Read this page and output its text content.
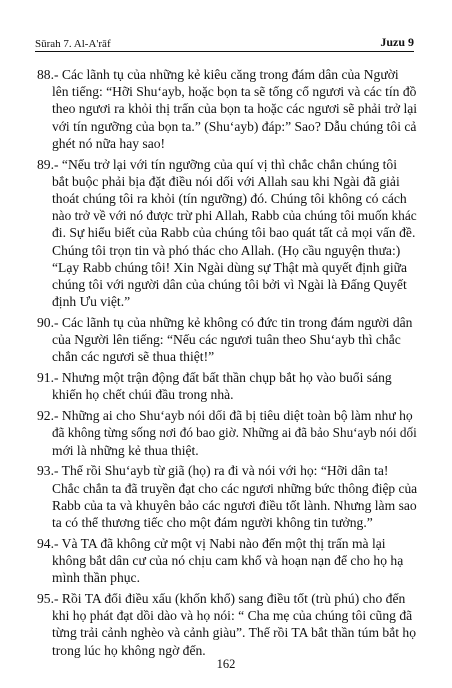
Sūrah 7. Al-A'rāf	Juzu 9
88.- Các lãnh tụ của những kẻ kiêu căng trong đám dân của Người
lên tiếng: “Hỡi Shu‘ayb, hoặc bọn ta sẽ tống cổ ngươi và các tín đồ
theo ngươi ra khỏi thị trấn của bọn ta hoặc các ngươi sẽ phải trở lại
với tín ngưỡng của bọn ta.” (Shu‘ayb) đáp:” Sao? Dẫu chúng tôi cả
ghét nó nữa hay sao!
89.- “Nếu trở lại với tín ngưỡng của quí vị thì chắc chắn chúng tôi
bắt buộc phải bịa đặt điều nói dối với Allah sau khi Ngài đã giải
thoát chúng tôi ra khỏi (tín ngưỡng) đó. Chúng tôi không có cách
nào trở về với nó được trừ phi Allah, Rabb của chúng tôi muốn khác
đi. Sự hiểu biết của Rabb của chúng tôi bao quát tất cả mọi vấn đề.
Chúng tôi trọn tin và phó thác cho Allah. (Họ cầu nguyện thưa:)
“Lạy Rabb chúng tôi! Xin Ngài dùng sự Thật mà quyết định giữa
chúng tôi với người dân của chúng tôi bởi vì Ngài là Đấng Quyết
định Ưu việt.”
90.- Các lãnh tụ của những kẻ không có đức tin trong đám người dân
của Người lên tiếng: “Nếu các ngươi tuân theo Shu‘ayb thì chắc
chắn các ngươi sẽ thua thiệt!”
91.- Nhưng một trận động đất bất thần chụp bắt họ vào buổi sáng
khiến họ chết chúi đầu trong nhà.
92.- Những ai cho Shu‘ayb nói dối đã bị tiêu diệt toàn bộ làm như họ
đã không từng sống nơi đó bao giờ. Những ai đã bảo Shu‘ayb nói dối
mới là những kẻ thua thiệt.
93.- Thế rồi Shu‘ayb từ giã (họ) ra đi và nói với họ: “Hỡi dân ta!
Chắc chắn ta đã truyền đạt cho các ngươi những bức thông điệp của
Rabb của ta và khuyên bảo các ngươi điều tốt lành. Nhưng làm sao
ta có thể thương tiếc cho một đám người không tin tưởng.”
94.- Và TA đã không cử một vị Nabi nào đến một thị trấn mà lại
không bắt dân cư của nó chịu cam khổ và hoạn nạn để cho họ hạ
mình thần phục.
95.- Rồi TA đổi điều xấu (khốn khổ) sang điều tốt (trù phú) cho đến
khi họ phát đạt dồi dào và họ nói: “ Cha mẹ của chúng tôi cũng đã
từng trải cảnh nghèo và cảnh giàu”. Thế rồi TA bắt thần túm bắt họ
trong lúc họ không ngờ đến.
162
